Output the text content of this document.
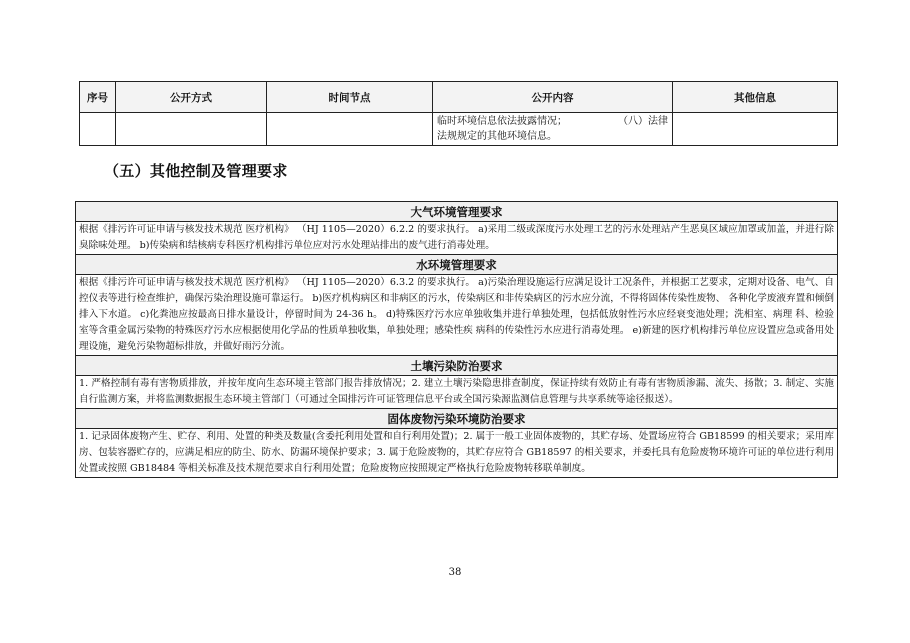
序号	公开方式	时间节点	公开内容	其他信息

			临时环境信息依法披露情况； （八）法律
法规规定的其他环境信息。	

（五）其他控制及管理要求
大气环境管理要求
根据《排污许可证申请与核发技术规范 医疗机构》 （HJ 1105—2020）6.2.2 的要求执行。 a)采用二级或深度污水处理工艺的污水处理站产生恶臭区域应加罩或加盖，并进行除臭除味处理。 b)传染病和结核病专科医疗机构排污单位应对污水处理站排出的废气进行消毒处理。
水环境管理要求
根据《排污许可证申请与核发技术规范 医疗机构》 （HJ 1105—2020）6.3.2 的要求执行。 a)污染治理设施运行应满足设计工况条件，并根据工艺要求，定期对设备、电气、自控仪表等进行检查维护，确保污染治理设施可靠运行。 b)医疗机构病区和非病区的污水，传染病区和非传染病区的污水应分流，不得将固体传染性废物、 各种化学废液弃置和倾倒排入下水道。 c)化粪池应按最高日排水量设计，停留时间为 24-36 h。 d)特殊医疗污水应单独收集并进行单独处理，包括低放射性污水应经衰变池处理；洗相室、病理 科、检验室等含重金属污染物的特殊医疗污水应根据使用化学品的性质单独收集，单独处理；感染性疾 病科的传染性污水应进行消毒处理。 e)新建的医疗机构排污单位应设置应急或备用处理设施，避免污染物超标排放，并做好雨污分流。
土壤污染防治要求
1. 严格控制有毒有害物质排放，并按年度向生态环境主管部门报告排放情况；2. 建立土壤污染隐患排查制度，保证持续有效防止有毒有害物质渗漏、流失、扬散；3. 制定、实施自行监测方案，并将监测数据报生态环境主管部门（可通过全国排污许可证管理信息平台或全国污染源监测信息管理与共享系统等途径报送）。
固体废物污染环境防治要求
1. 记录固体废物产生、贮存、利用、处置的种类及数量(含委托利用处置和自行利用处置)；2. 属于一般工业固体废物的，其贮存场、处置场应符合 GB18599 的相关要求；采用库房、包装容器贮存的，应满足相应的防尘、防水、防漏环境保护要求；3. 属于危险废物的，其贮存应符合 GB18597 的相关要求，并委托具有危险废物环境许可证的单位进行利用处置或按照 GB18484 等相关标准及技术规范要求自行利用处置；危险废物应按照规定严格执行危险废物转移联单制度。
38
